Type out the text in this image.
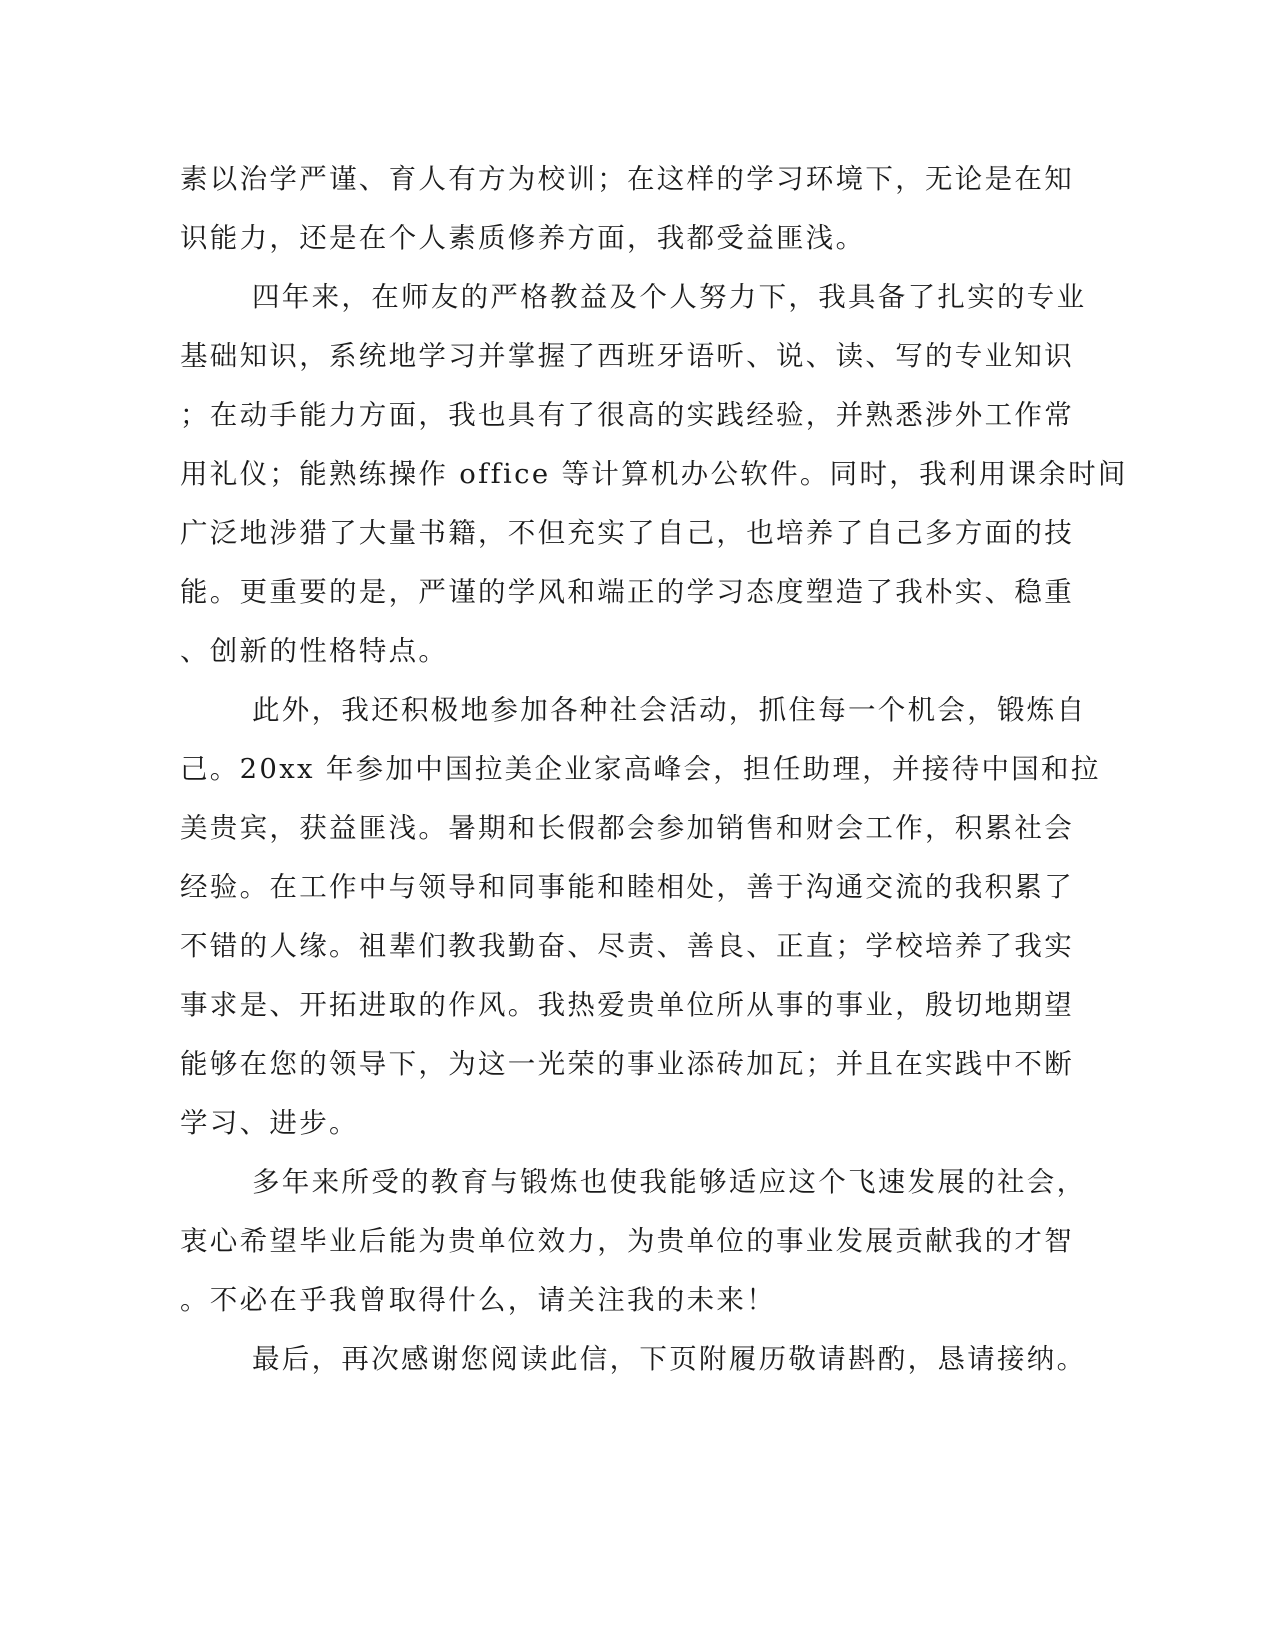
素以治学严谨、育人有方为校训；在这样的学习环境下，无论是在知
识能力，还是在个人素质修养方面，我都受益匪浅。
四年来，在师友的严格教益及个人努力下，我具备了扎实的专业
基础知识，系统地学习并掌握了西班牙语听、说、读、写的专业知识
；在动手能力方面，我也具有了很高的实践经验，并熟悉涉外工作常
用礼仪；能熟练操作 office 等计算机办公软件。同时，我利用课余时间
广泛地涉猎了大量书籍，不但充实了自己，也培养了自己多方面的技
能。更重要的是，严谨的学风和端正的学习态度塑造了我朴实、稳重
、创新的性格特点。
此外，我还积极地参加各种社会活动，抓住每一个机会，锻炼自
己。20xx 年参加中国拉美企业家高峰会，担任助理，并接待中国和拉
美贵宾，获益匪浅。暑期和长假都会参加销售和财会工作，积累社会
经验。在工作中与领导和同事能和睦相处，善于沟通交流的我积累了
不错的人缘。祖辈们教我勤奋、尽责、善良、正直；学校培养了我实
事求是、开拓进取的作风。我热爱贵单位所从事的事业，殷切地期望
能够在您的领导下，为这一光荣的事业添砖加瓦；并且在实践中不断
学习、进步。
多年来所受的教育与锻炼也使我能够适应这个飞速发展的社会，
衷心希望毕业后能为贵单位效力，为贵单位的事业发展贡献我的才智
。不必在乎我曾取得什么，请关注我的未来！
最后，再次感谢您阅读此信，下页附履历敬请斟酌，恳请接纳。
